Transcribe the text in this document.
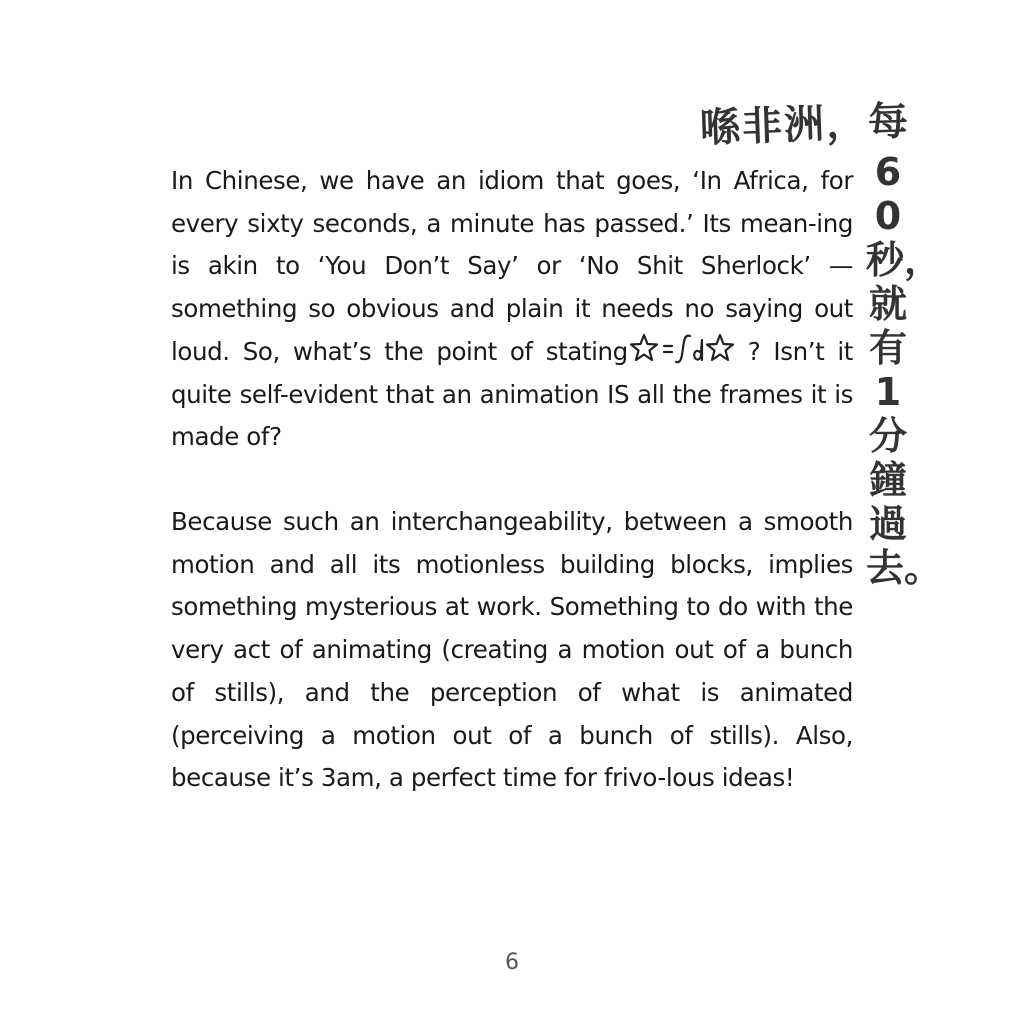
In Chinese, we have an idiom that goes, ‘In Africa, for every sixty seconds, a minute has passed.’ Its mean-ing is akin to ‘You Don’t Say’ or ‘No Shit Sherlock’ — something so obvious and plain it needs no saying out loud. So, what’s the point of stating	? Isn’t it quite self-evident that an animation IS all the frames it is made of?

Because such an interchangeability, between a smooth motion and all its motionless building blocks, implies something mysterious at work. Something to do with the very act of animating (creating a motion out of a bunch of stills), and the perception of what is animated (perceiving a motion out of a bunch of stills). Also, because it’s 3am, a perfect time for frivo-lous ideas!

喺非洲，每
60秒，就有1分鐘過去。
6
